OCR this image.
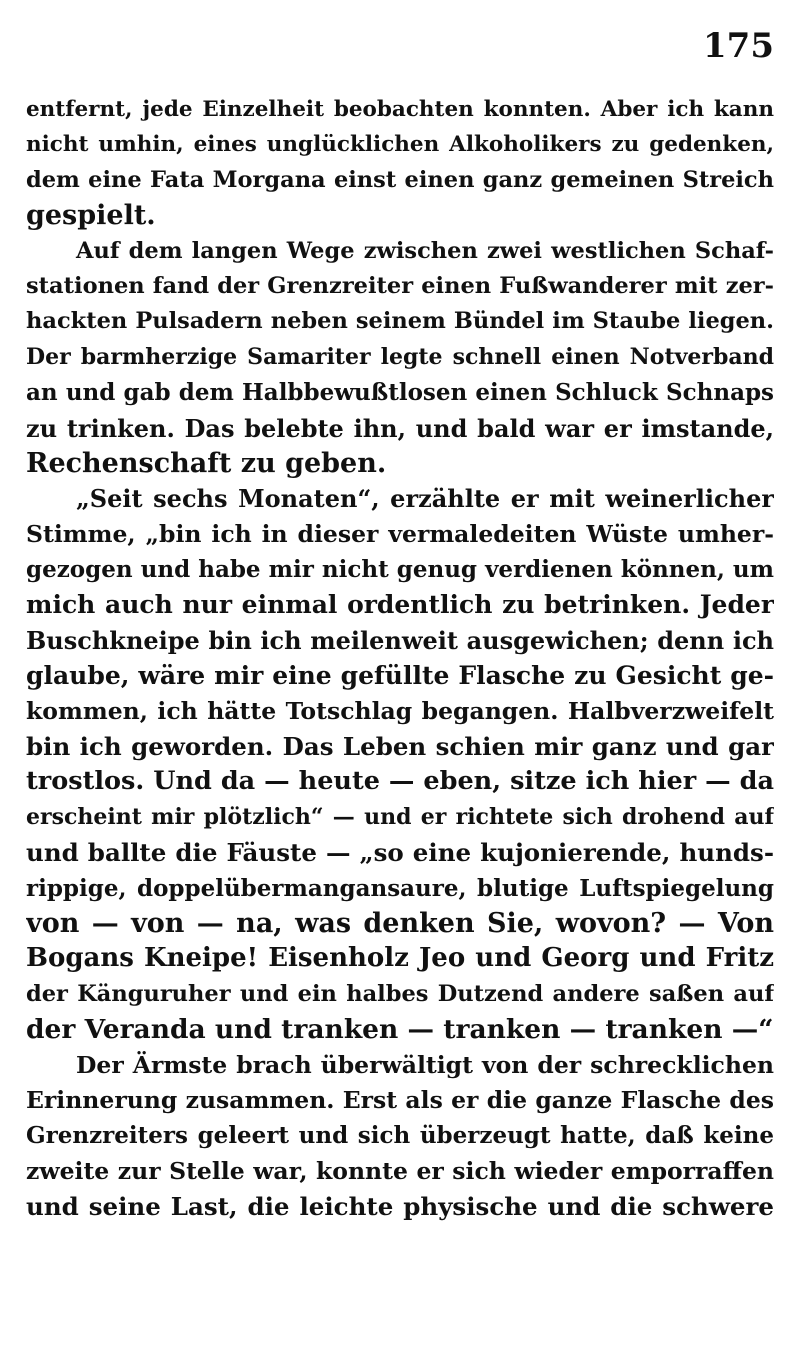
175

entfernt, jede Einzelheit beobachten konnten. Aber ich kann
nicht umhin, eines unglücklichen Alkoholikers zu gedenken,
dem eine Fata Morgana einst einen ganz gemeinen Streich
gespielt.
Auf dem langen Wege zwischen zwei westlichen Schaf-
stationen fand der Grenzreiter einen Fußwanderer mit zer-
hackten Pulsadern neben seinem Bündel im Staube liegen.
Der barmherzige Samariter legte schnell einen Notverband
an und gab dem Halbbewußtlosen einen Schluck Schnaps
zu trinken. Das belebte ihn, und bald war er imstande,
Rechenschaft zu geben.
„Seit sechs Monaten“, erzählte er mit weinerlicher
Stimme, „bin ich in dieser vermaledeiten Wüste umher-
gezogen und habe mir nicht genug verdienen können, um
mich auch nur einmal ordentlich zu betrinken. Jeder
Buschkneipe bin ich meilenweit ausgewichen; denn ich
glaube, wäre mir eine gefüllte Flasche zu Gesicht ge-
kommen, ich hätte Totschlag begangen. Halbverzweifelt
bin ich geworden. Das Leben schien mir ganz und gar
trostlos. Und da — heute — eben, sitze ich hier — da
erscheint mir plötzlich“ — und er richtete sich drohend auf
und ballte die Fäuste — „so eine kujonierende, hunds-
rippige, doppelübermangansaure, blutige Luftspiegelung
von — von — na, was denken Sie, wovon? — Von
Bogans Kneipe! Eisenholz Jeo und Georg und Fritz
der Känguruher und ein halbes Dutzend andere saßen auf
der Veranda und tranken — tranken — tranken —“
Der Ärmste brach überwältigt von der schrecklichen
Erinnerung zusammen. Erst als er die ganze Flasche des
Grenzreiters geleert und sich überzeugt hatte, daß keine
zweite zur Stelle war, konnte er sich wieder emporraffen
und seine Last, die leichte physische und die schwere
